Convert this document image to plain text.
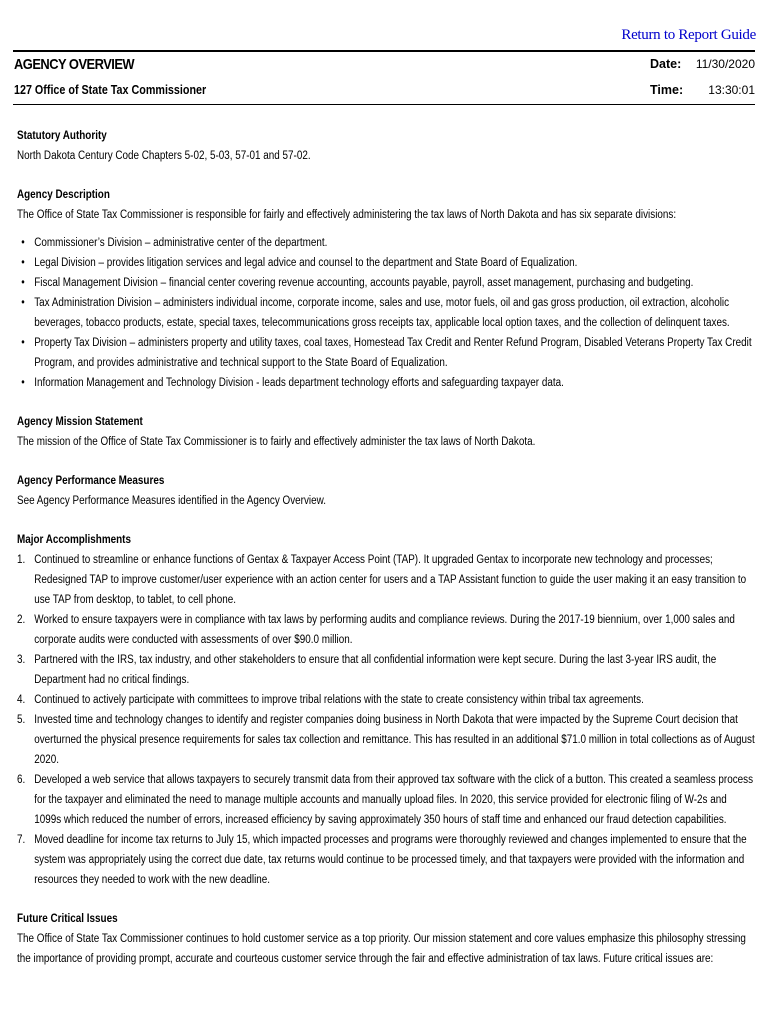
Return to Report Guide
AGENCY OVERVIEW	Date: 11/30/2020
127 Office of State Tax Commissioner	Time: 13:30:01
Statutory Authority

North Dakota Century Code Chapters 5-02, 5-03, 57-01 and 57-02.

Agency Description

The Office of State Tax Commissioner is responsible for fairly and effectively administering the tax laws of North Dakota and has six separate divisions:

• Commissioner’s Division – administrative center of the department.
• Legal Division – provides litigation services and legal advice and counsel to the department and State Board of Equalization.
• Fiscal Management Division – financial center covering revenue accounting, accounts payable, payroll, asset management, purchasing and budgeting.
• Tax Administration Division – administers individual income, corporate income, sales and use, motor fuels, oil and gas gross production, oil extraction, alcoholic beverages, tobacco products, estate, special taxes, telecommunications gross receipts tax, applicable local option taxes, and the collection of delinquent taxes.
• Property Tax Division – administers property and utility taxes, coal taxes, Homestead Tax Credit and Renter Refund Program, Disabled Veterans Property Tax Credit Program, and provides administrative and technical support to the State Board of Equalization.
• Information Management and Technology Division - leads department technology efforts and safeguarding taxpayer data.
Agency Mission Statement

The mission of the Office of State Tax Commissioner is to fairly and effectively administer the tax laws of North Dakota.

Agency Performance Measures

See Agency Performance Measures identified in the Agency Overview.

Major Accomplishments
1. Continued to streamline or enhance functions of Gentax & Taxpayer Access Point (TAP). It upgraded Gentax to incorporate new technology and processes; Redesigned TAP to improve customer/user experience with an action center for users and a TAP Assistant function to guide the user making it an easy transition to use TAP from desktop, to tablet, to cell phone.
2. Worked to ensure taxpayers were in compliance with tax laws by performing audits and compliance reviews. During the 2017-19 biennium, over 1,000 sales and corporate audits were conducted with assessments of over $90.0 million.
3. Partnered with the IRS, tax industry, and other stakeholders to ensure that all confidential information were kept secure. During the last 3-year IRS audit, the Department had no critical findings.
4. Continued to actively participate with committees to improve tribal relations with the state to create consistency within tribal tax agreements.
5. Invested time and technology changes to identify and register companies doing business in North Dakota that were impacted by the Supreme Court decision that overturned the physical presence requirements for sales tax collection and remittance. This has resulted in an additional $71.0 million in total collections as of August 2020.
6. Developed a web service that allows taxpayers to securely transmit data from their approved tax software with the click of a button. This created a seamless process for the taxpayer and eliminated the need to manage multiple accounts and manually upload files. In 2020, this service provided for electronic filing of W-2s and 1099s which reduced the number of errors, increased efficiency by saving approximately 350 hours of staff time and enhanced our fraud detection capabilities.
7. Moved deadline for income tax returns to July 15, which impacted processes and programs were thoroughly reviewed and changes implemented to ensure that the system was appropriately using the correct due date, tax returns would continue to be processed timely, and that taxpayers were provided with the information and resources they needed to work with the new deadline.
Future Critical Issues

The Office of State Tax Commissioner continues to hold customer service as a top priority. Our mission statement and core values emphasize this philosophy stressing the importance of providing prompt, accurate and courteous customer service through the fair and effective administration of tax laws. Future critical issues are:
